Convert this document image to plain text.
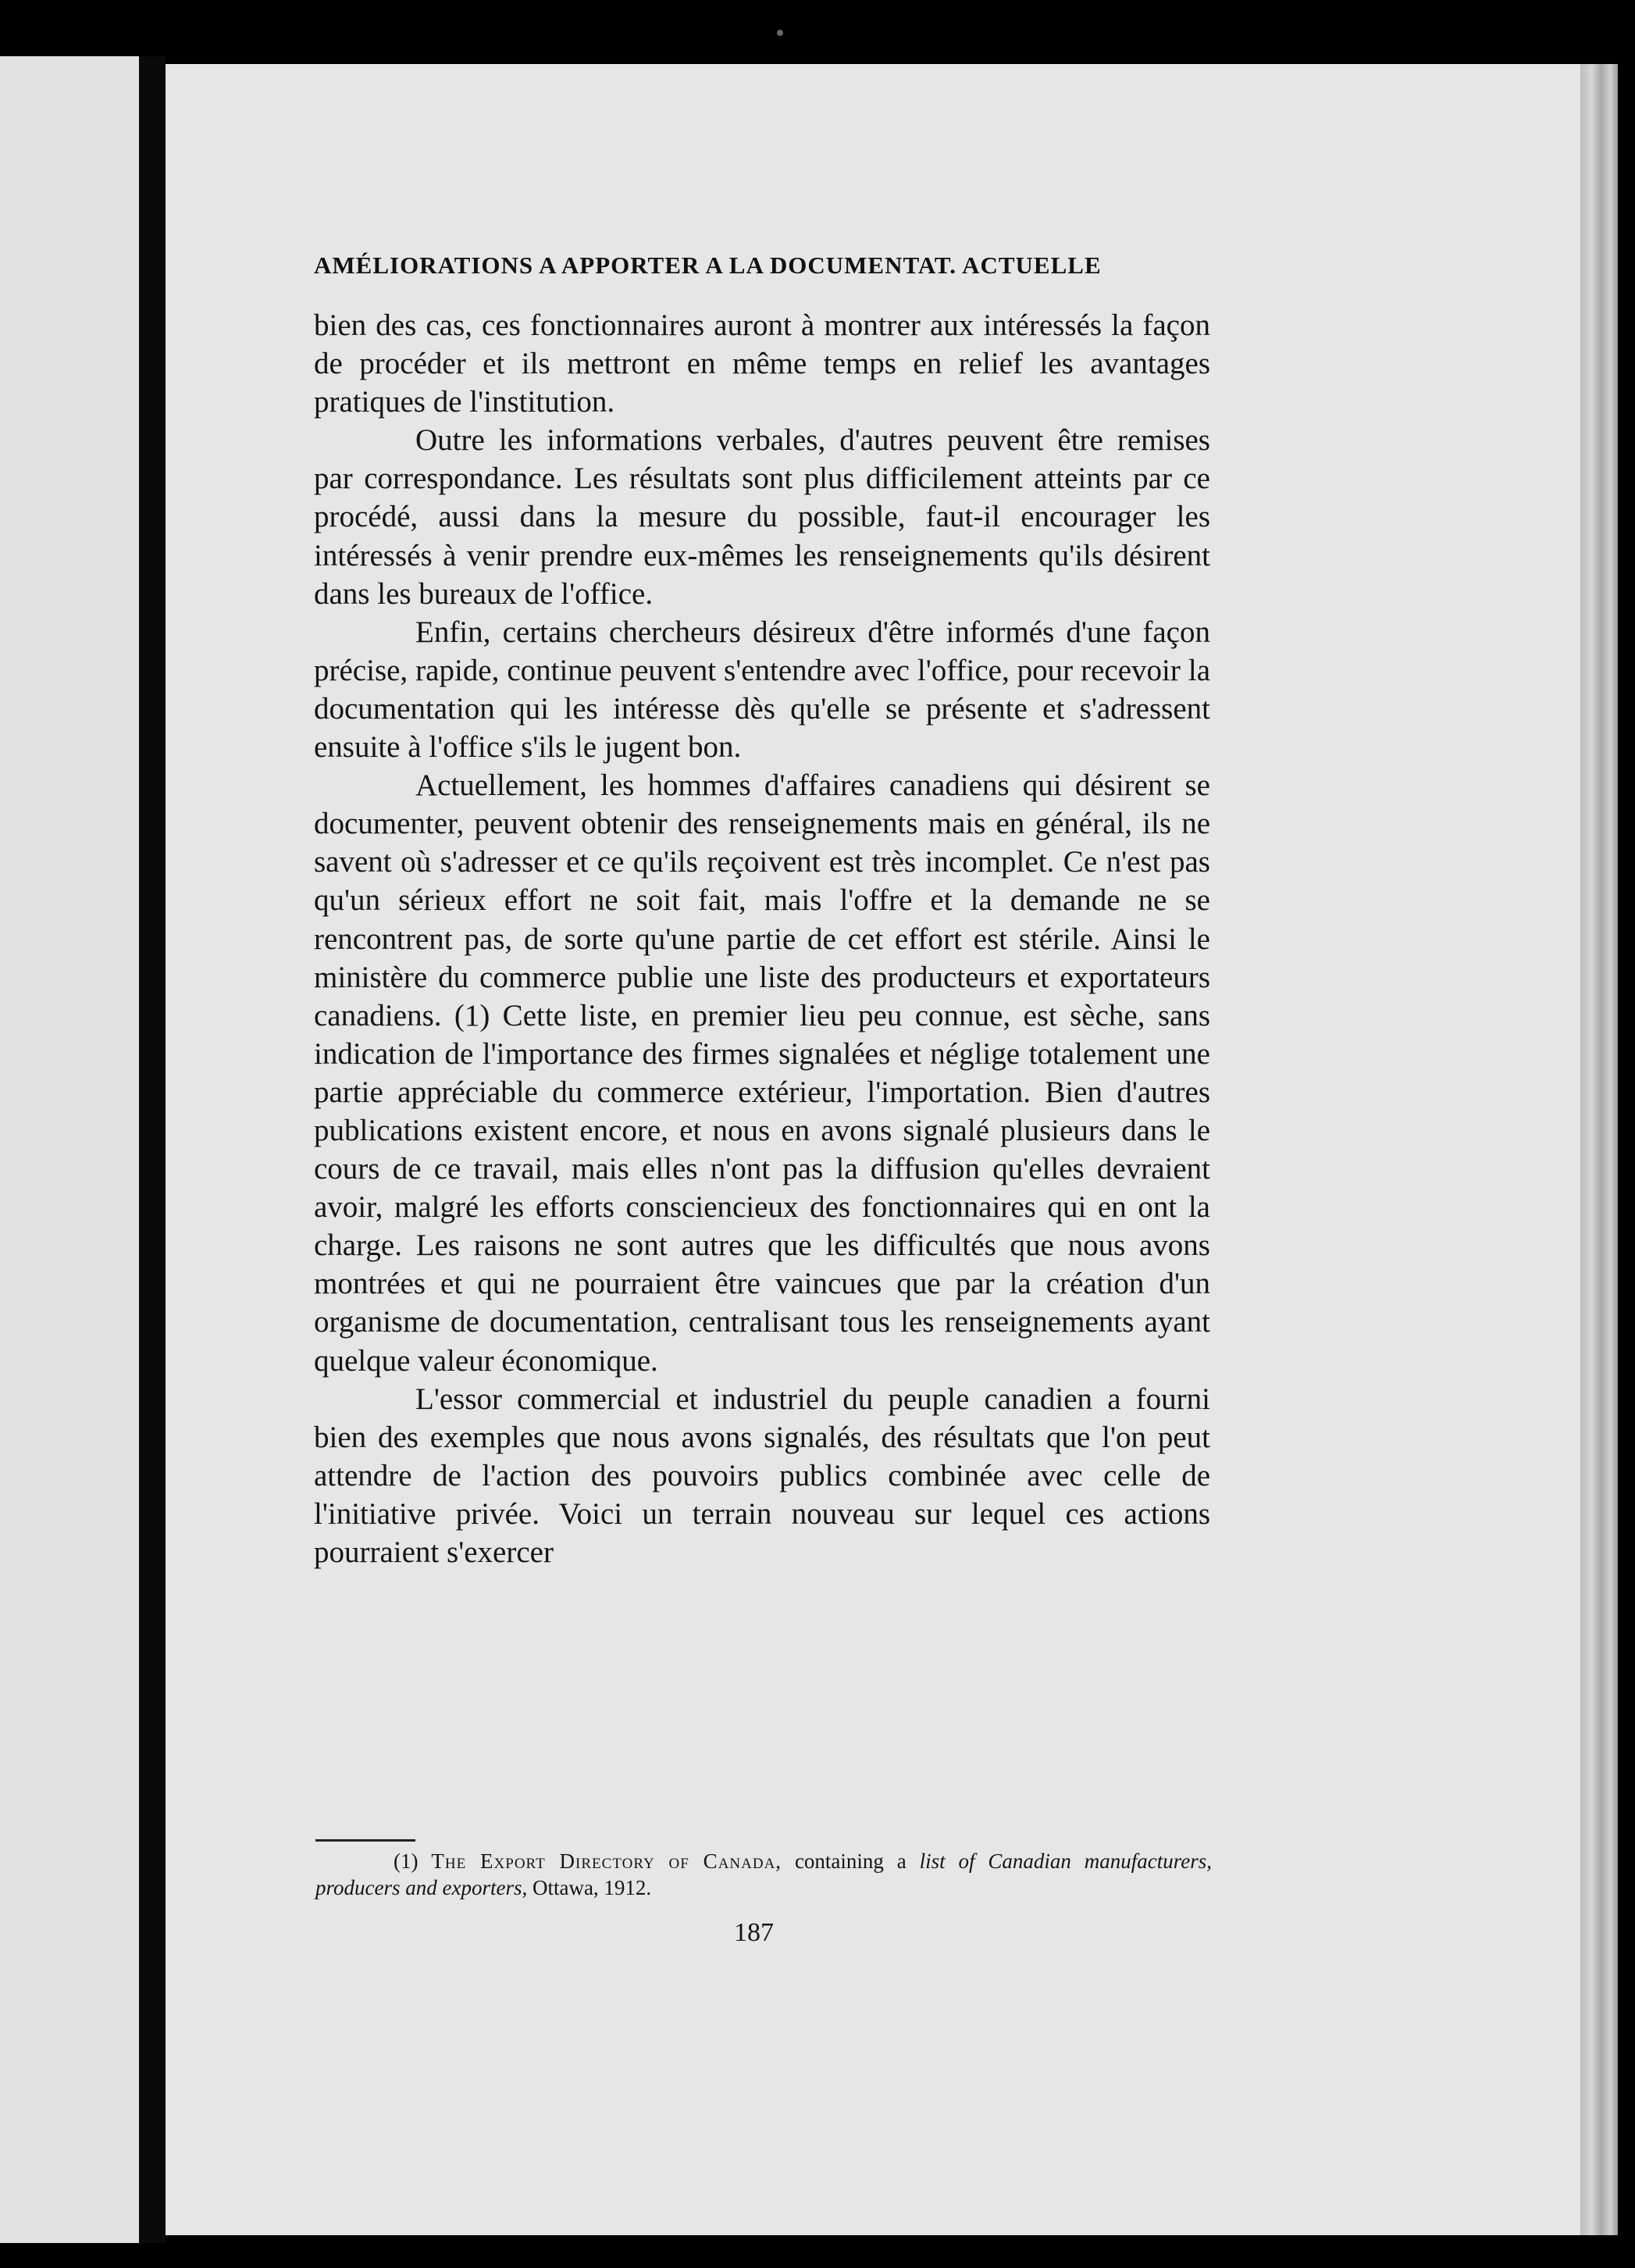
AMÉLIORATIONS A APPORTER A LA DOCUMENTAT. ACTUELLE

bien des cas, ces fonctionnaires auront à montrer aux intéressés la façon de procéder et ils mettront en même temps en relief les avantages pratiques de l'institution.

Outre les informations verbales, d'autres peuvent être remises par correspondance. Les résultats sont plus difficilement atteints par ce procédé, aussi dans la mesure du possible, faut-il encourager les intéressés à venir prendre eux-mêmes les renseignements qu'ils désirent dans les bureaux de l'office.

Enfin, certains chercheurs désireux d'être informés d'une façon précise, rapide, continue peuvent s'entendre avec l'office, pour recevoir la documentation qui les intéresse dès qu'elle se présente et s'adressent ensuite à l'office s'ils le jugent bon.

Actuellement, les hommes d'affaires canadiens qui désirent se documenter, peuvent obtenir des renseignements mais en général, ils ne savent où s'adresser et ce qu'ils reçoivent est très incomplet. Ce n'est pas qu'un sérieux effort ne soit fait, mais l'offre et la demande ne se rencontrent pas, de sorte qu'une partie de cet effort est stérile. Ainsi le ministère du commerce publie une liste des producteurs et exportateurs canadiens. (1) Cette liste, en premier lieu peu connue, est sèche, sans indication de l'importance des firmes signalées et néglige totalement une partie appréciable du commerce extérieur, l'importation. Bien d'autres publications existent encore, et nous en avons signalé plusieurs dans le cours de ce travail, mais elles n'ont pas la diffusion qu'elles devraient avoir, malgré les efforts consciencieux des fonctionnaires qui en ont la charge. Les raisons ne sont autres que les difficultés que nous avons montrées et qui ne pourraient être vaincues que par la création d'un organisme de documentation, centralisant tous les renseignements ayant quelque valeur économique.

L'essor commercial et industriel du peuple canadien a fourni bien des exemples que nous avons signalés, des résultats que l'on peut attendre de l'action des pouvoirs publics combinée avec celle de l'initiative privée. Voici un terrain nouveau sur lequel ces actions pourraient s'exercer

(1) The Export Directory of Canada, containing a list of Canadian manufacturers, producers and exporters, Ottawa, 1912.
187
